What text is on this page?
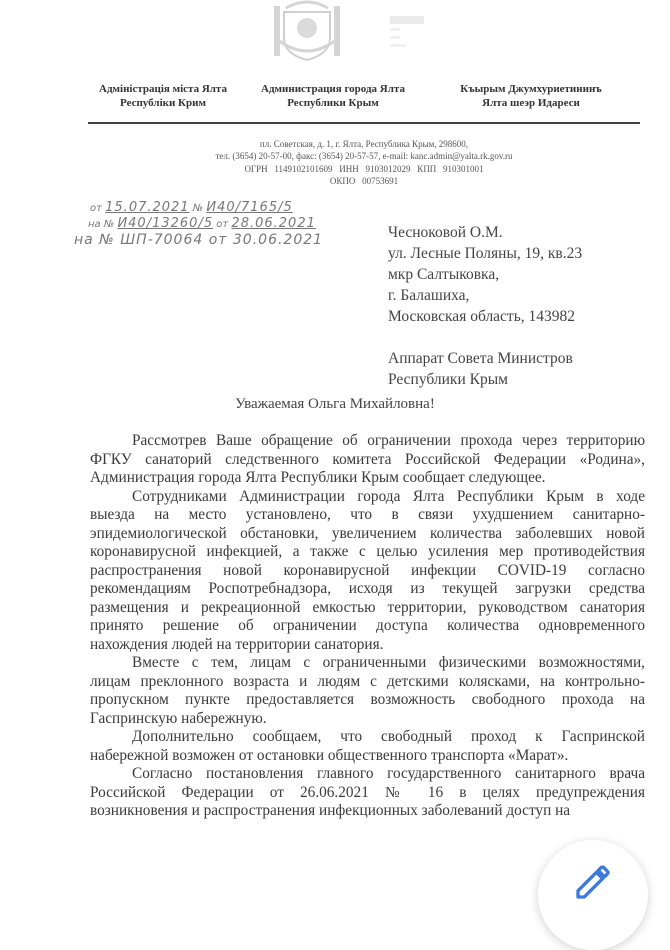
Адміністрація міста Ялта
Республіки Крим
Администрация города Ялта
Республики Крым
Къырым Джумхуриетининъ
Ялта шеэр Идареси
пл. Советская, д. 1, г. Ялта, Республика Крым, 298600,
тел. (3654) 20-57-00, факс: (3654) 20-57-57, e-mail: kanc.admin@yalta.rk.gov.ru
ОГРН   1149102101609   ИНН   9103012029   КПП   910301001
ОКПО   00753691
от 15.07.2021 № И40/7165/5
на № И40/13260/5 от 28.06.2021
на № ШП-70064 от 30.06.2021	Чесноковой О.М.
ул. Лесные Поляны, 19, кв.23
мкр Салтыковка,
г. Балашиха,
Московская область, 143982
Аппарат Совета Министров
Республики Крым
Уважаемая Ольга Михайловна!
Рассмотрев Ваше обращение об ограничении прохода через территорию
ФГКУ санаторий следственного комитета Российской Федерации «Родина»,
Администрация города Ялта Республики Крым сообщает следующее.
Сотрудниками Администрации города Ялта Республики Крым в ходе
выезда на место установлено, что в связи ухудшением санитарно-
эпидемиологической обстановки, увеличением количества заболевших новой
коронавирусной инфекцией, а также с целью усиления мер противодействия
распространения новой коронавирусной инфекции COVID-19 согласно
рекомендациям Роспотребнадзора, исходя из текущей загрузки средства
размещения и рекреационной емкостью территории, руководством санатория
принято решение об ограничении доступа количества одновременного
нахождения людей на территории санатория.
Вместе с тем, лицам с ограниченными физическими возможностями,
лицам преклонного возраста и людям с детскими колясками, на контрольно-
пропускном пункте предоставляется возможность свободного прохода на
Гаспринскую набережную.
Дополнительно сообщаем, что свободный проход к Гаспринской
набережной возможен от остановки общественного транспорта «Марат».
Согласно постановления главного государственного санитарного врача
Российской Федерации от 26.06.2021 № 16 в целях предупреждения
возникновения и распространения инфекционных заболеваний доступ на
